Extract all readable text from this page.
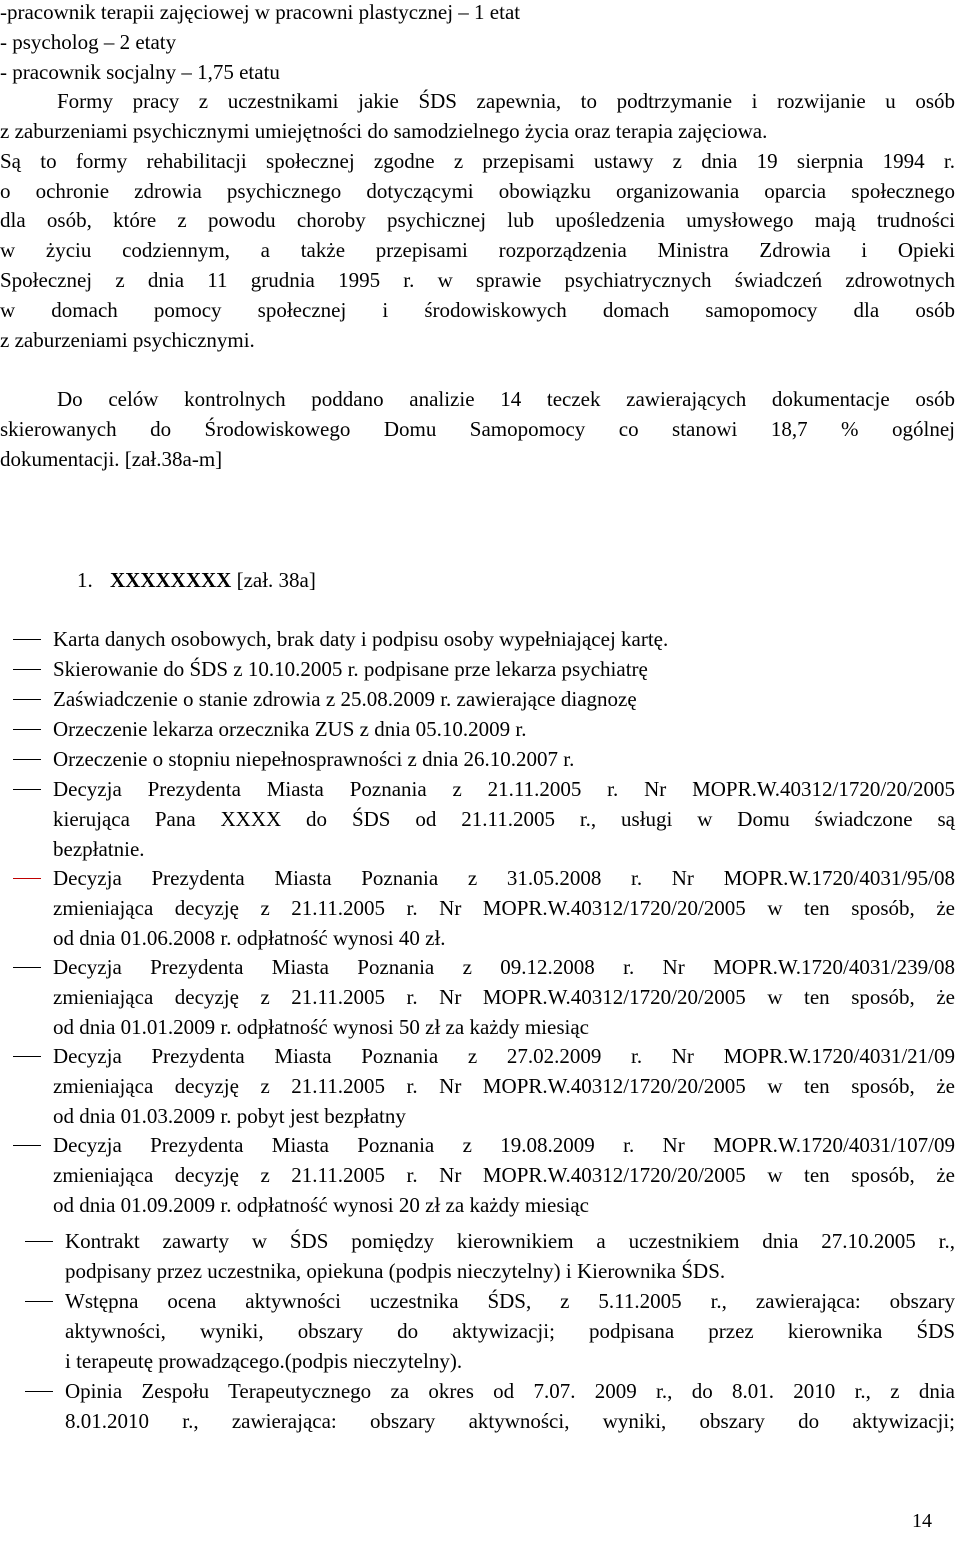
-pracownik terapii zajęciowej w pracowni plastycznej – 1 etat
- psycholog – 2 etaty
- pracownik socjalny – 1,75 etatu
Formy pracy z uczestnikami jakie ŚDS zapewnia, to podtrzymanie i rozwijanie u osób
z zaburzeniami psychicznymi umiejętności do samodzielnego życia oraz terapia zajęciowa.
Są to formy rehabilitacji społecznej zgodne z przepisami ustawy z dnia 19 sierpnia 1994 r.
o ochronie zdrowia psychicznego dotyczącymi obowiązku organizowania oparcia społecznego
dla osób, które z powodu choroby psychicznej lub upośledzenia umysłowego mają trudności
w życiu codziennym, a także przepisami rozporządzenia Ministra Zdrowia i Opieki
Społecznej z dnia 11 grudnia 1995 r. w sprawie psychiatrycznych świadczeń zdrowotnych
w domach pomocy społecznej i środowiskowych domach samopomocy dla osób
z zaburzeniami psychicznymi.
Do celów kontrolnych poddano analizie 14 teczek zawierających dokumentacje osób
skierowanych do Środowiskowego Domu Samopomocy co stanowi 18,7 % ogólnej
dokumentacji. [zał.38a-m]
1. XXXXXXXX [zał. 38a]
Karta danych osobowych, brak daty i podpisu osoby wypełniającej kartę.
Skierowanie do ŚDS z 10.10.2005 r. podpisane prze lekarza psychiatrę
Zaświadczenie o stanie zdrowia z 25.08.2009 r. zawierające diagnozę
Orzeczenie lekarza orzecznika ZUS z dnia 05.10.2009 r.
Orzeczenie o stopniu niepełnosprawności z dnia 26.10.2007 r.
Decyzja Prezydenta Miasta Poznania z 21.11.2005 r. Nr MOPR.W.40312/1720/20/2005
kierująca Pana XXXX do ŚDS od 21.11.2005 r., usługi w Domu świadczone są
bezpłatnie.
Decyzja Prezydenta Miasta Poznania z 31.05.2008 r. Nr MOPR.W.1720/4031/95/08
zmieniająca decyzję z 21.11.2005 r. Nr MOPR.W.40312/1720/20/2005 w ten sposób, że
od dnia 01.06.2008 r. odpłatność wynosi 40 zł.
Decyzja Prezydenta Miasta Poznania z 09.12.2008 r. Nr MOPR.W.1720/4031/239/08
zmieniająca decyzję z 21.11.2005 r. Nr MOPR.W.40312/1720/20/2005 w ten sposób, że
od dnia 01.01.2009 r. odpłatność wynosi 50 zł za każdy miesiąc
Decyzja Prezydenta Miasta Poznania z 27.02.2009 r. Nr MOPR.W.1720/4031/21/09
zmieniająca decyzję z 21.11.2005 r. Nr MOPR.W.40312/1720/20/2005 w ten sposób, że
od dnia 01.03.2009 r. pobyt jest bezpłatny
Decyzja Prezydenta Miasta Poznania z 19.08.2009 r. Nr MOPR.W.1720/4031/107/09
zmieniająca decyzję z 21.11.2005 r. Nr MOPR.W.40312/1720/20/2005 w ten sposób, że
od dnia 01.09.2009 r. odpłatność wynosi 20 zł za każdy miesiąc
Kontrakt zawarty w ŚDS pomiędzy kierownikiem a uczestnikiem dnia 27.10.2005 r.,
podpisany przez uczestnika, opiekuna (podpis nieczytelny) i Kierownika ŚDS.
Wstępna ocena aktywności uczestnika ŚDS, z 5.11.2005 r., zawierająca: obszary
aktywności, wyniki, obszary do aktywizacji; podpisana przez kierownika ŚDS
i terapeutę prowadzącego.(podpis nieczytelny).
Opinia Zespołu Terapeutycznego za okres od 7.07. 2009 r., do 8.01. 2010 r., z dnia
8.01.2010 r., zawierająca: obszary aktywności, wyniki, obszary do aktywizacji;
14
